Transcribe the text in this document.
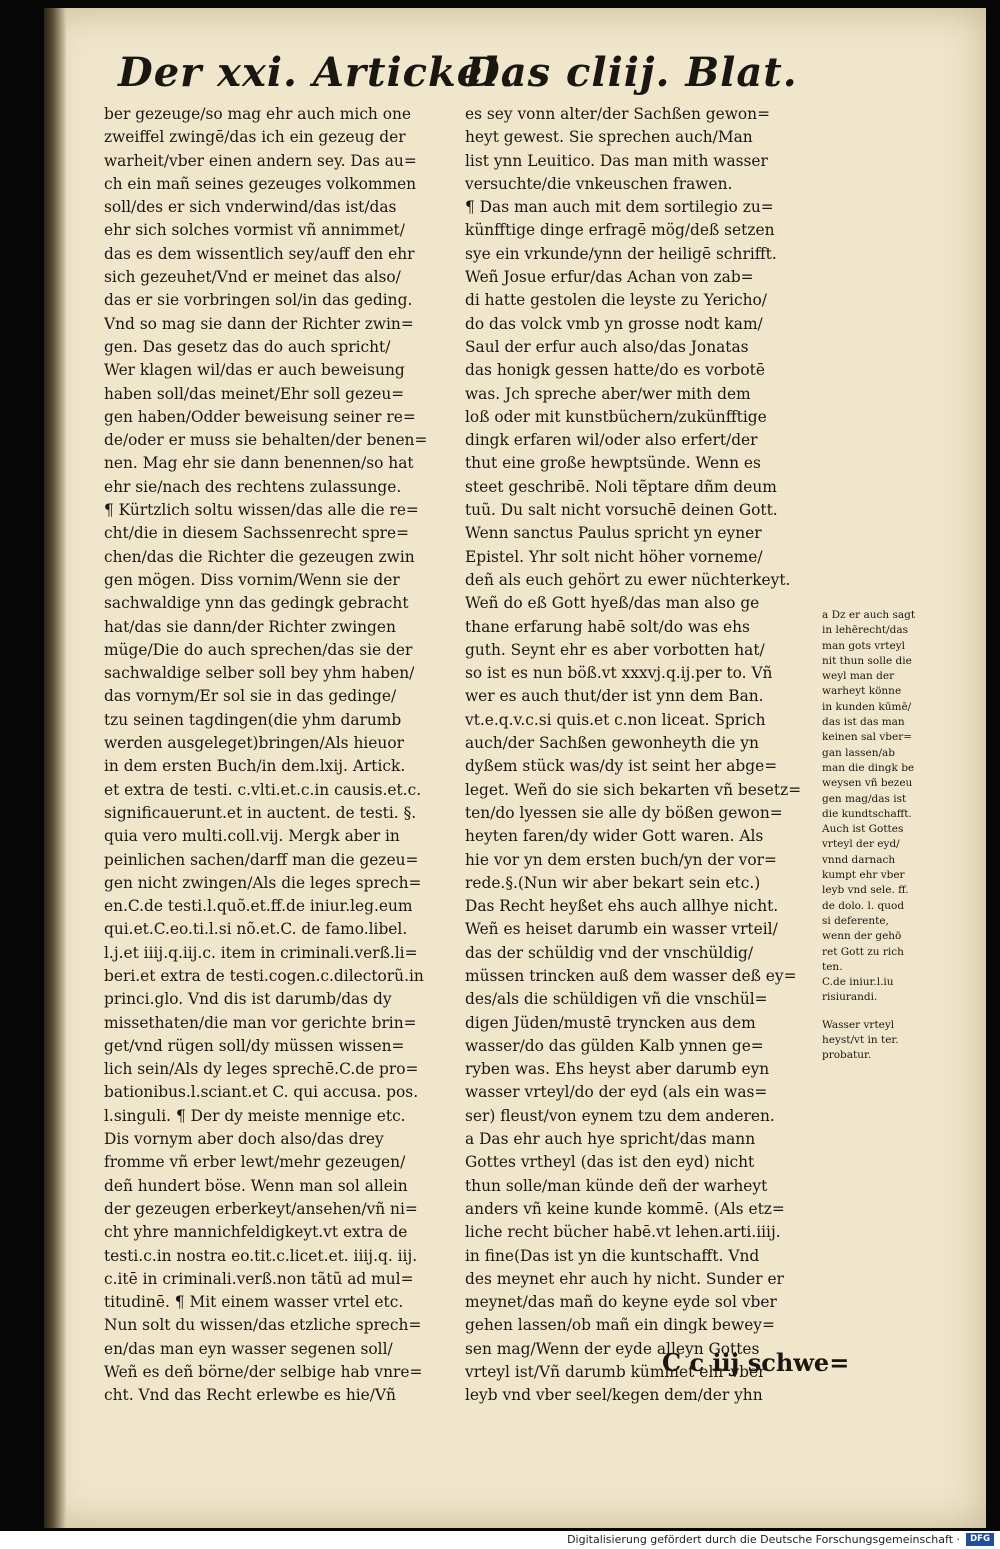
Der xxi. Artickel.
Das cliij. Blat.
ber gezeuge/so mag ehr auch mich one
zweiffel zwingē/das ich ein gezeug der
warheit/vber einen andern sey. Das au=
ch ein mañ seines gezeuges volkommen
soll/des er sich vnderwind/das ist/das
ehr sich solches vormist vñ annimmet/
das es dem wissentlich sey/auff den ehr
sich gezeuhet/Vnd er meinet das also/
das er sie vorbringen sol/in das geding.
Vnd so mag sie dann der Richter zwin=
gen. Das gesetz das do auch spricht/
Wer klagen wil/das er auch beweisung
haben soll/das meinet/Ehr soll gezeu=
gen haben/Odder beweisung seiner re=
de/oder er muss sie behalten/der benen=
nen. Mag ehr sie dann benennen/so hat
ehr sie/nach des rechtens zulassunge.
¶ Kürtzlich soltu wissen/das alle die re=
cht/die in diesem Sachssenrecht spre=
chen/das die Richter die gezeugen zwin
gen mögen. Diss vornim/Wenn sie der
sachwaldige ynn das gedingk gebracht
hat/das sie dann/der Richter zwingen
müge/Die do auch sprechen/das sie der
sachwaldige selber soll bey yhm haben/
das vornym/Er sol sie in das gedinge/
tzu seinen tagdingen(die yhm darumb
werden ausgeleget)bringen/Als hieuor
in dem ersten Buch/in dem.lxij. Artick.
et extra de testi. c.vlti.et.c.in causis.et.c.
significauerunt.et in auctent. de testi. §.
quia vero multi.coll.vij. Mergk aber in
peinlichen sachen/darff man die gezeu=
gen nicht zwingen/Als die leges sprech=
en.C.de testi.l.quõ.et.ff.de iniur.leg.eum
qui.et.C.eo.ti.l.si nõ.et.C. de famo.libel.
l.j.et iiij.q.iij.c. item in criminali.verß.li=
beri.et extra de testi.cogen.c.dilectorũ.in
princi.glo. Vnd dis ist darumb/das dy
missethaten/die man vor gerichte brin=
get/vnd rügen soll/dy müssen wissen=
lich sein/Als dy leges sprechē.C.de pro=
bationibus.l.sciant.et C. qui accusa. pos.
l.singuli. ¶ Der dy meiste mennige etc.
Dis vornym aber doch also/das drey
fromme vñ erber lewt/mehr gezeugen/
deñ hundert böse. Wenn man sol allein
der gezeugen erberkeyt/ansehen/vñ ni=
cht yhre mannichfeldigkeyt.vt extra de
testi.c.in nostra eo.tit.c.licet.et. iiij.q. iij.
c.itē in criminali.verß.non tãtũ ad mul=
titudinē. ¶ Mit einem wasser vrtel etc.
Nun solt du wissen/das etzliche sprech=
en/das man eyn wasser segenen soll/
Weñ es deñ börne/der selbige hab vnre=
cht. Vnd das Recht erlewbe es hie/Vñ
es sey vonn alter/der Sachßen gewon=
heyt gewest. Sie sprechen auch/Man
list ynn Leuitico. Das man mith wasser
versuchte/die vnkeuschen frawen.
¶ Das man auch mit dem sortilegio zu=
künfftige dinge erfragē mög/deß setzen
sye ein vrkunde/ynn der heiligē schrifft.
Weñ Josue erfur/das Achan von zab=
di hatte gestolen die leyste zu Yericho/
do das volck vmb yn grosse nodt kam/
Saul der erfur auch also/das Jonatas
das honigk gessen hatte/do es vorbotē
was. Jch spreche aber/wer mith dem
loß oder mit kunstbüchern/zukünfftige
dingk erfaren wil/oder also erfert/der
thut eine große hewptsünde. Wenn es
steet geschribē. Noli tẽptare dñm deum
tuũ. Du salt nicht vorsuchē deinen Gott.
Wenn sanctus Paulus spricht yn eyner
Epistel. Yhr solt nicht höher vorneme/
deñ als euch gehört zu ewer nüchterkeyt.
Weñ do eß Gott hyeß/das man also ge
thane erfarung habē solt/do was ehs
guth. Seynt ehr es aber vorbotten hat/
so ist es nun böß.vt xxxvj.q.ij.per to. Vñ
wer es auch thut/der ist ynn dem Ban.
vt.e.q.v.c.si quis.et c.non liceat. Sprich
auch/der Sachßen gewonheyth die yn
dyßem stück was/dy ist seint her abge=
leget. Weñ do sie sich bekarten vñ besetz=
ten/do lyessen sie alle dy bößen gewon=
heyten faren/dy wider Gott waren. Als
hie vor yn dem ersten buch/yn der vor=
rede.§.(Nun wir aber bekart sein etc.)
Das Recht heyßet ehs auch allhye nicht.
Weñ es heiset darumb ein wasser vrteil/
das der schüldig vnd der vnschüldig/
müssen trincken auß dem wasser deß ey=
des/als die schüldigen vñ die vnschül=
digen Jüden/mustē tryncken aus dem
wasser/do das gülden Kalb ynnen ge=
ryben was. Ehs heyst aber darumb eyn
wasser vrteyl/do der eyd (als ein was=
ser) fleust/von eynem tzu dem anderen.
a Das ehr auch hye spricht/das mann
Gottes vrtheyl (das ist den eyd) nicht
thun solle/man künde deñ der warheyt
anders vñ keine kunde kommē. (Als etz=
liche recht bücher habē.vt lehen.arti.iiij.
in fine(Das ist yn die kuntschafft. Vnd
des meynet ehr auch hy nicht. Sunder er
meynet/das mañ do keyne eyde sol vber
gehen lassen/ob mañ ein dingk bewey=
sen mag/Wenn der eyde alleyn Gottes
vrteyl ist/Vñ darumb kümmet ehr vber
leyb vnd vber seel/kegen dem/der yhn
a Dz er auch sagt
in lehērecht/das
man gots vrteyl
nit thun solle die
weyl man der
warheyt könne
in kunden kūmē/
das ist das man
keinen sal vber=
gan lassen/ab
man die dingk be
weysen vñ bezeu
gen mag/das ist
die kundtschafft.
Auch ist Gottes
vrteyl der eyd/
vnnd darnach
kumpt ehr vber
leyb vnd sele. ff.
de dolo. l. quod
si deferente,
wenn der gehö
ret Gott zu rich
ten.
C.de iniur.l.iu
risiurandi.
Wasser vrteyl
heyst/vt in ter.
probatur.
C c iij schwe=
Digitalisierung gefördert durch die Deutsche Forschungsgemeinschaft ·	DFG
